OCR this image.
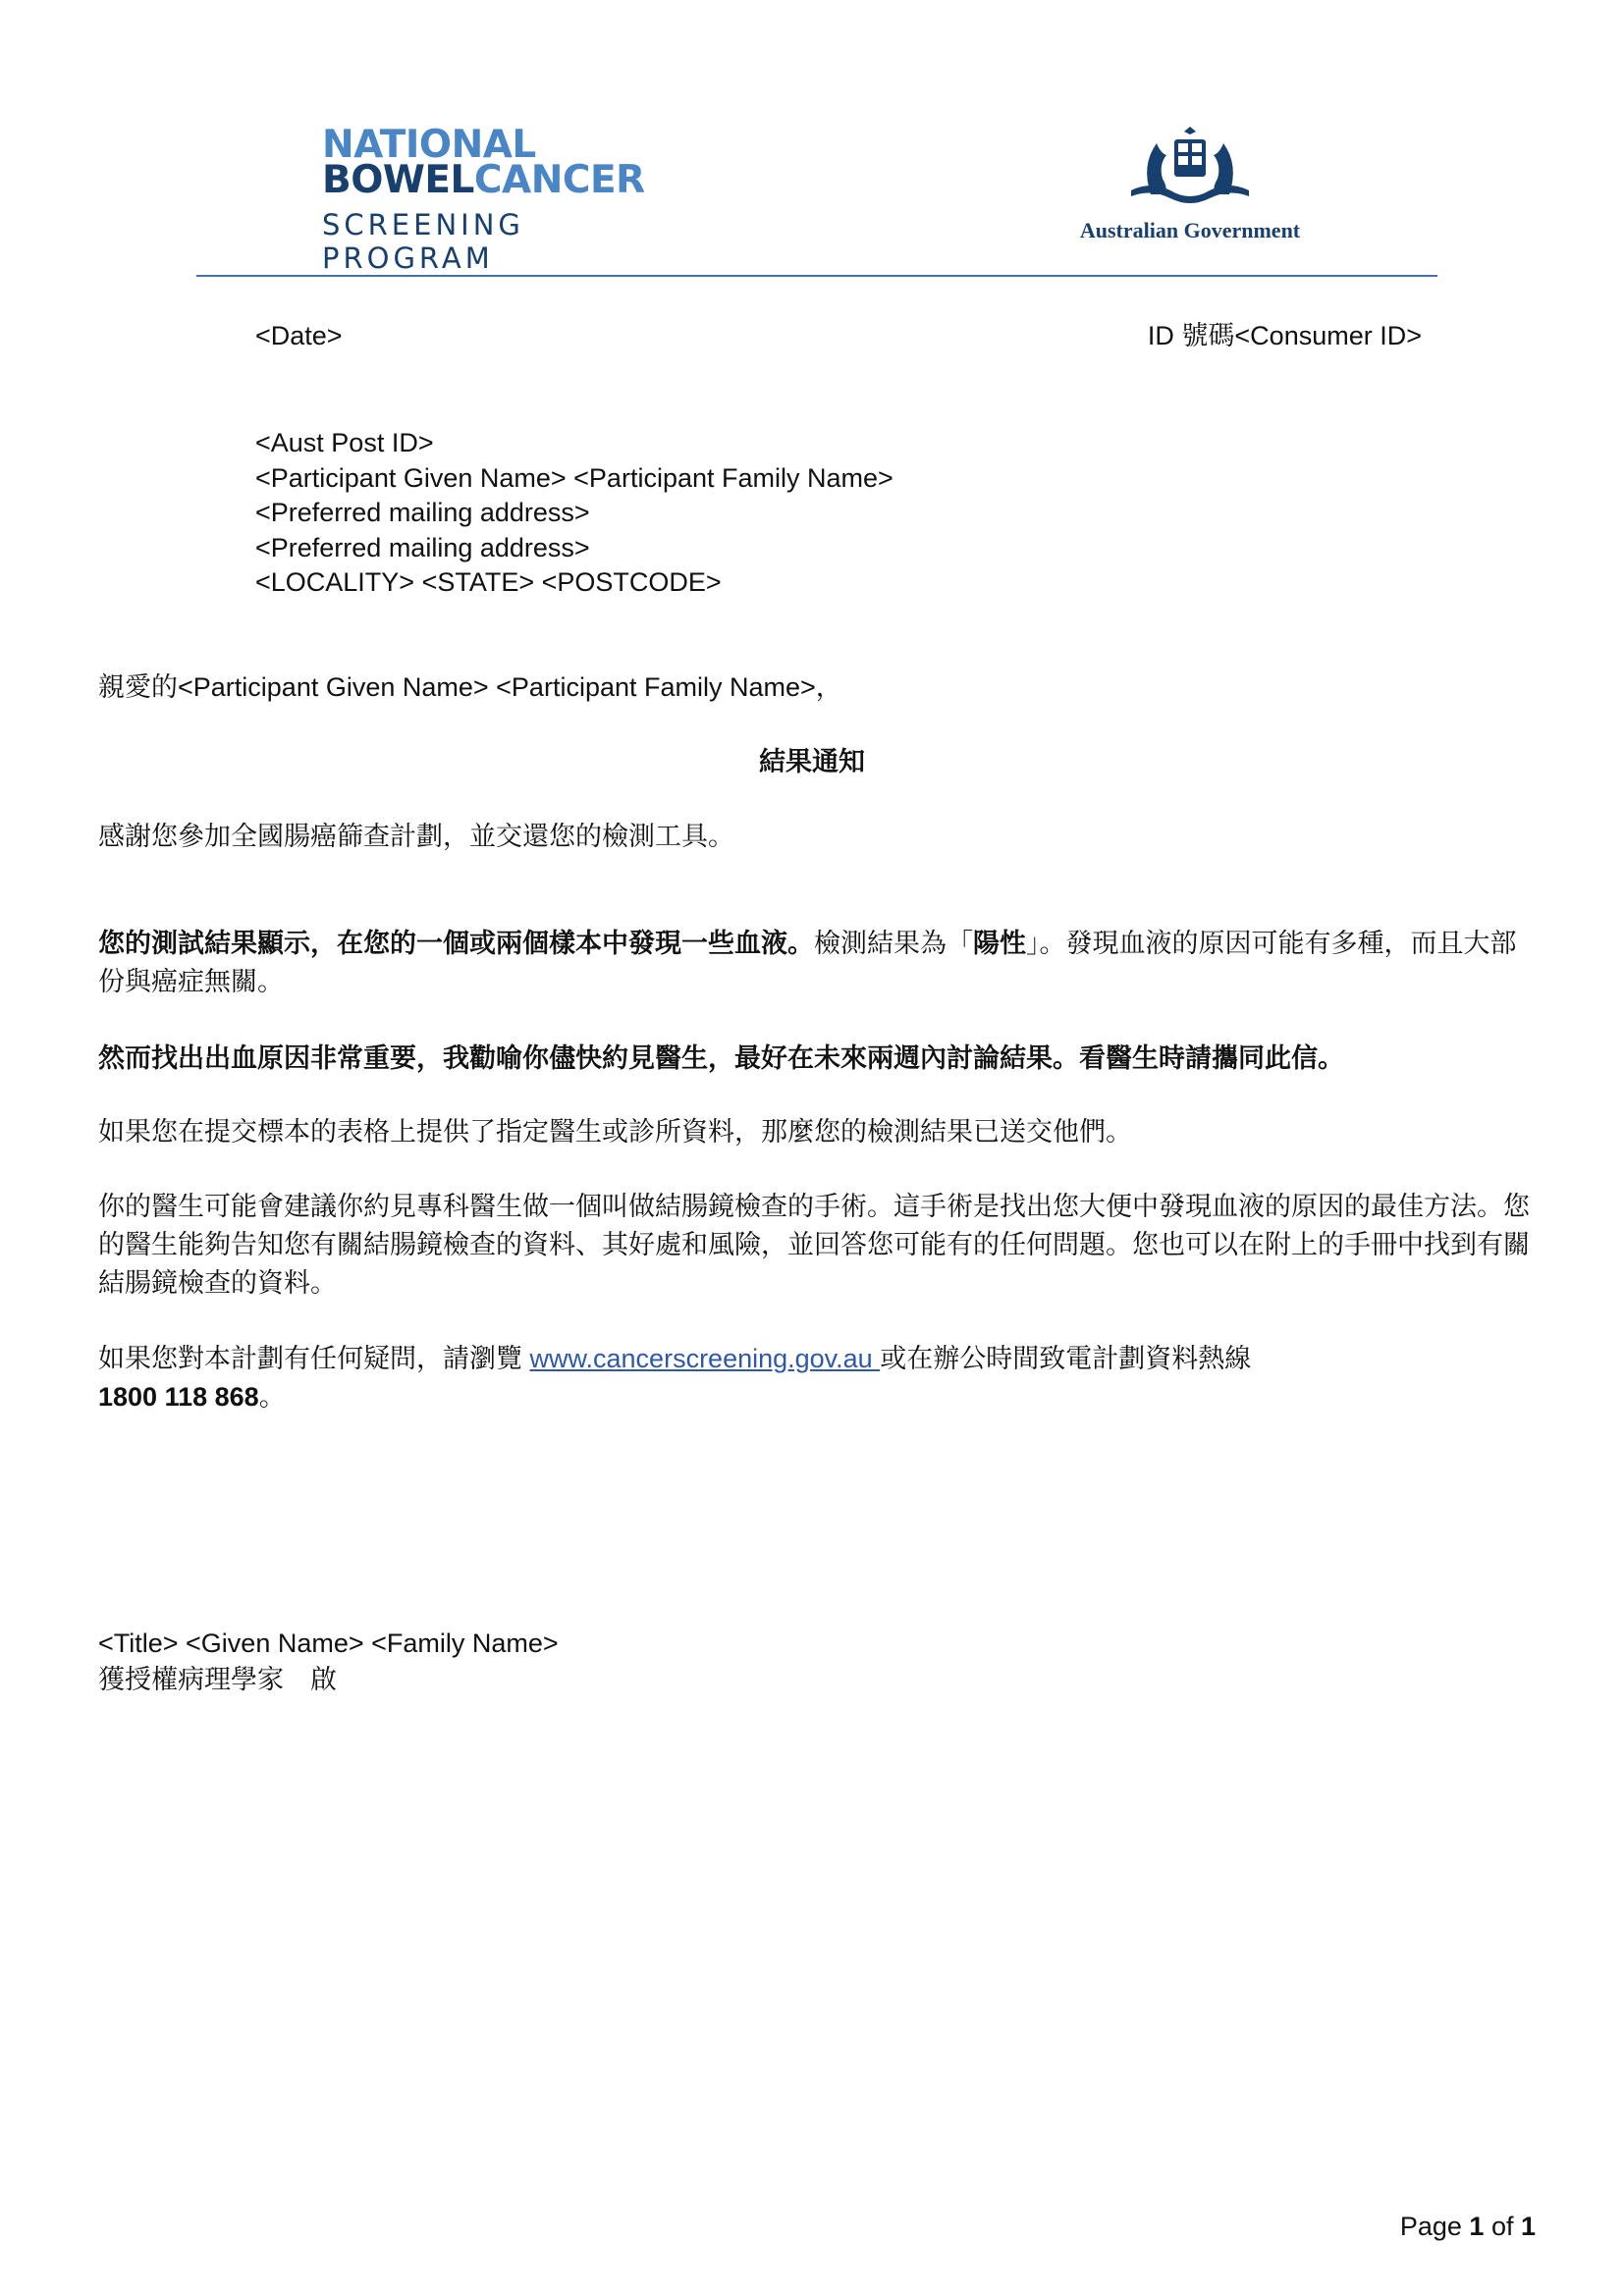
NATIONAL
BOWELCANCER
SCREENING PROGRAM
Australian Government
<Date>	ID 號碼<Consumer ID>
<Aust Post ID>
<Participant Given Name> <Participant Family Name>
<Preferred mailing address>
<Preferred mailing address>
<LOCALITY> <STATE> <POSTCODE>
親愛的<Participant Given Name> <Participant Family Name>，
結果通知
感謝您參加全國腸癌篩查計劃，並交還您的檢測工具。
您的測試結果顯示，在您的一個或兩個樣本中發現一些血液。檢測結果為「陽性」。發現血液的原因可能有多種，而且大部份與癌症無關。
然而找出出血原因非常重要，我勸喻你儘快約見醫生，最好在未來兩週內討論結果。看醫生時請攜同此信。
如果您在提交標本的表格上提供了指定醫生或診所資料，那麼您的檢測結果已送交他們。
你的醫生可能會建議你約見專科醫生做一個叫做結腸鏡檢查的手術。這手術是找出您大便中發現血液的原因的最佳方法。您的醫生能夠告知您有關結腸鏡檢查的資料、其好處和風險，並回答您可能有的任何問題。您也可以在附上的手冊中找到有關結腸鏡檢查的資料。
如果您對本計劃有任何疑問，請瀏覽 www.cancerscreening.gov.au 或在辦公時間致電計劃資料熱線
1800 118 868。
<Title> <Given Name> <Family Name>
獲授權病理學家　啟
Page 1 of 1
